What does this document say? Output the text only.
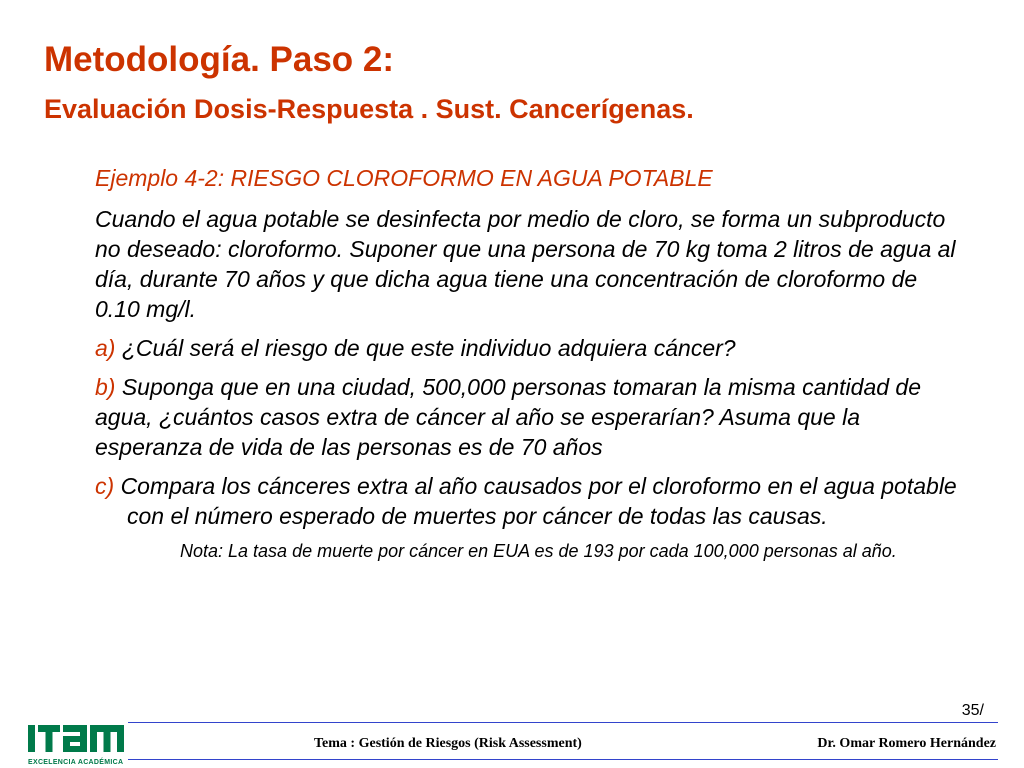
Metodología. Paso 2:
Evaluación Dosis-Respuesta . Sust. Cancerígenas.
Ejemplo 4-2: RIESGO CLOROFORMO EN AGUA POTABLE
Cuando el agua potable se desinfecta por medio de cloro, se forma un subproducto no deseado: cloroformo. Suponer que una persona de 70 kg toma 2 litros de agua al día, durante 70 años y que dicha agua tiene una concentración de cloroformo de 0.10 mg/l.
a) ¿Cuál será el riesgo de que este individuo adquiera cáncer?
b) Suponga que en una ciudad, 500,000 personas tomaran la misma cantidad de agua, ¿cuántos casos extra de cáncer al año se esperarían? Asuma que la esperanza de vida de las personas es de 70 años
c) Compara los cánceres extra al año causados por el cloroformo en el agua potable con el número esperado de muertes por cáncer de todas las causas.
Nota: La tasa de muerte por cáncer en EUA es de 193 por cada 100,000 personas al año.
35/
ITAM
EXCELENCIA ACADÉMICA
Tema : Gestión de Riesgos (Risk Assessment)	Dr. Omar Romero Hernández
